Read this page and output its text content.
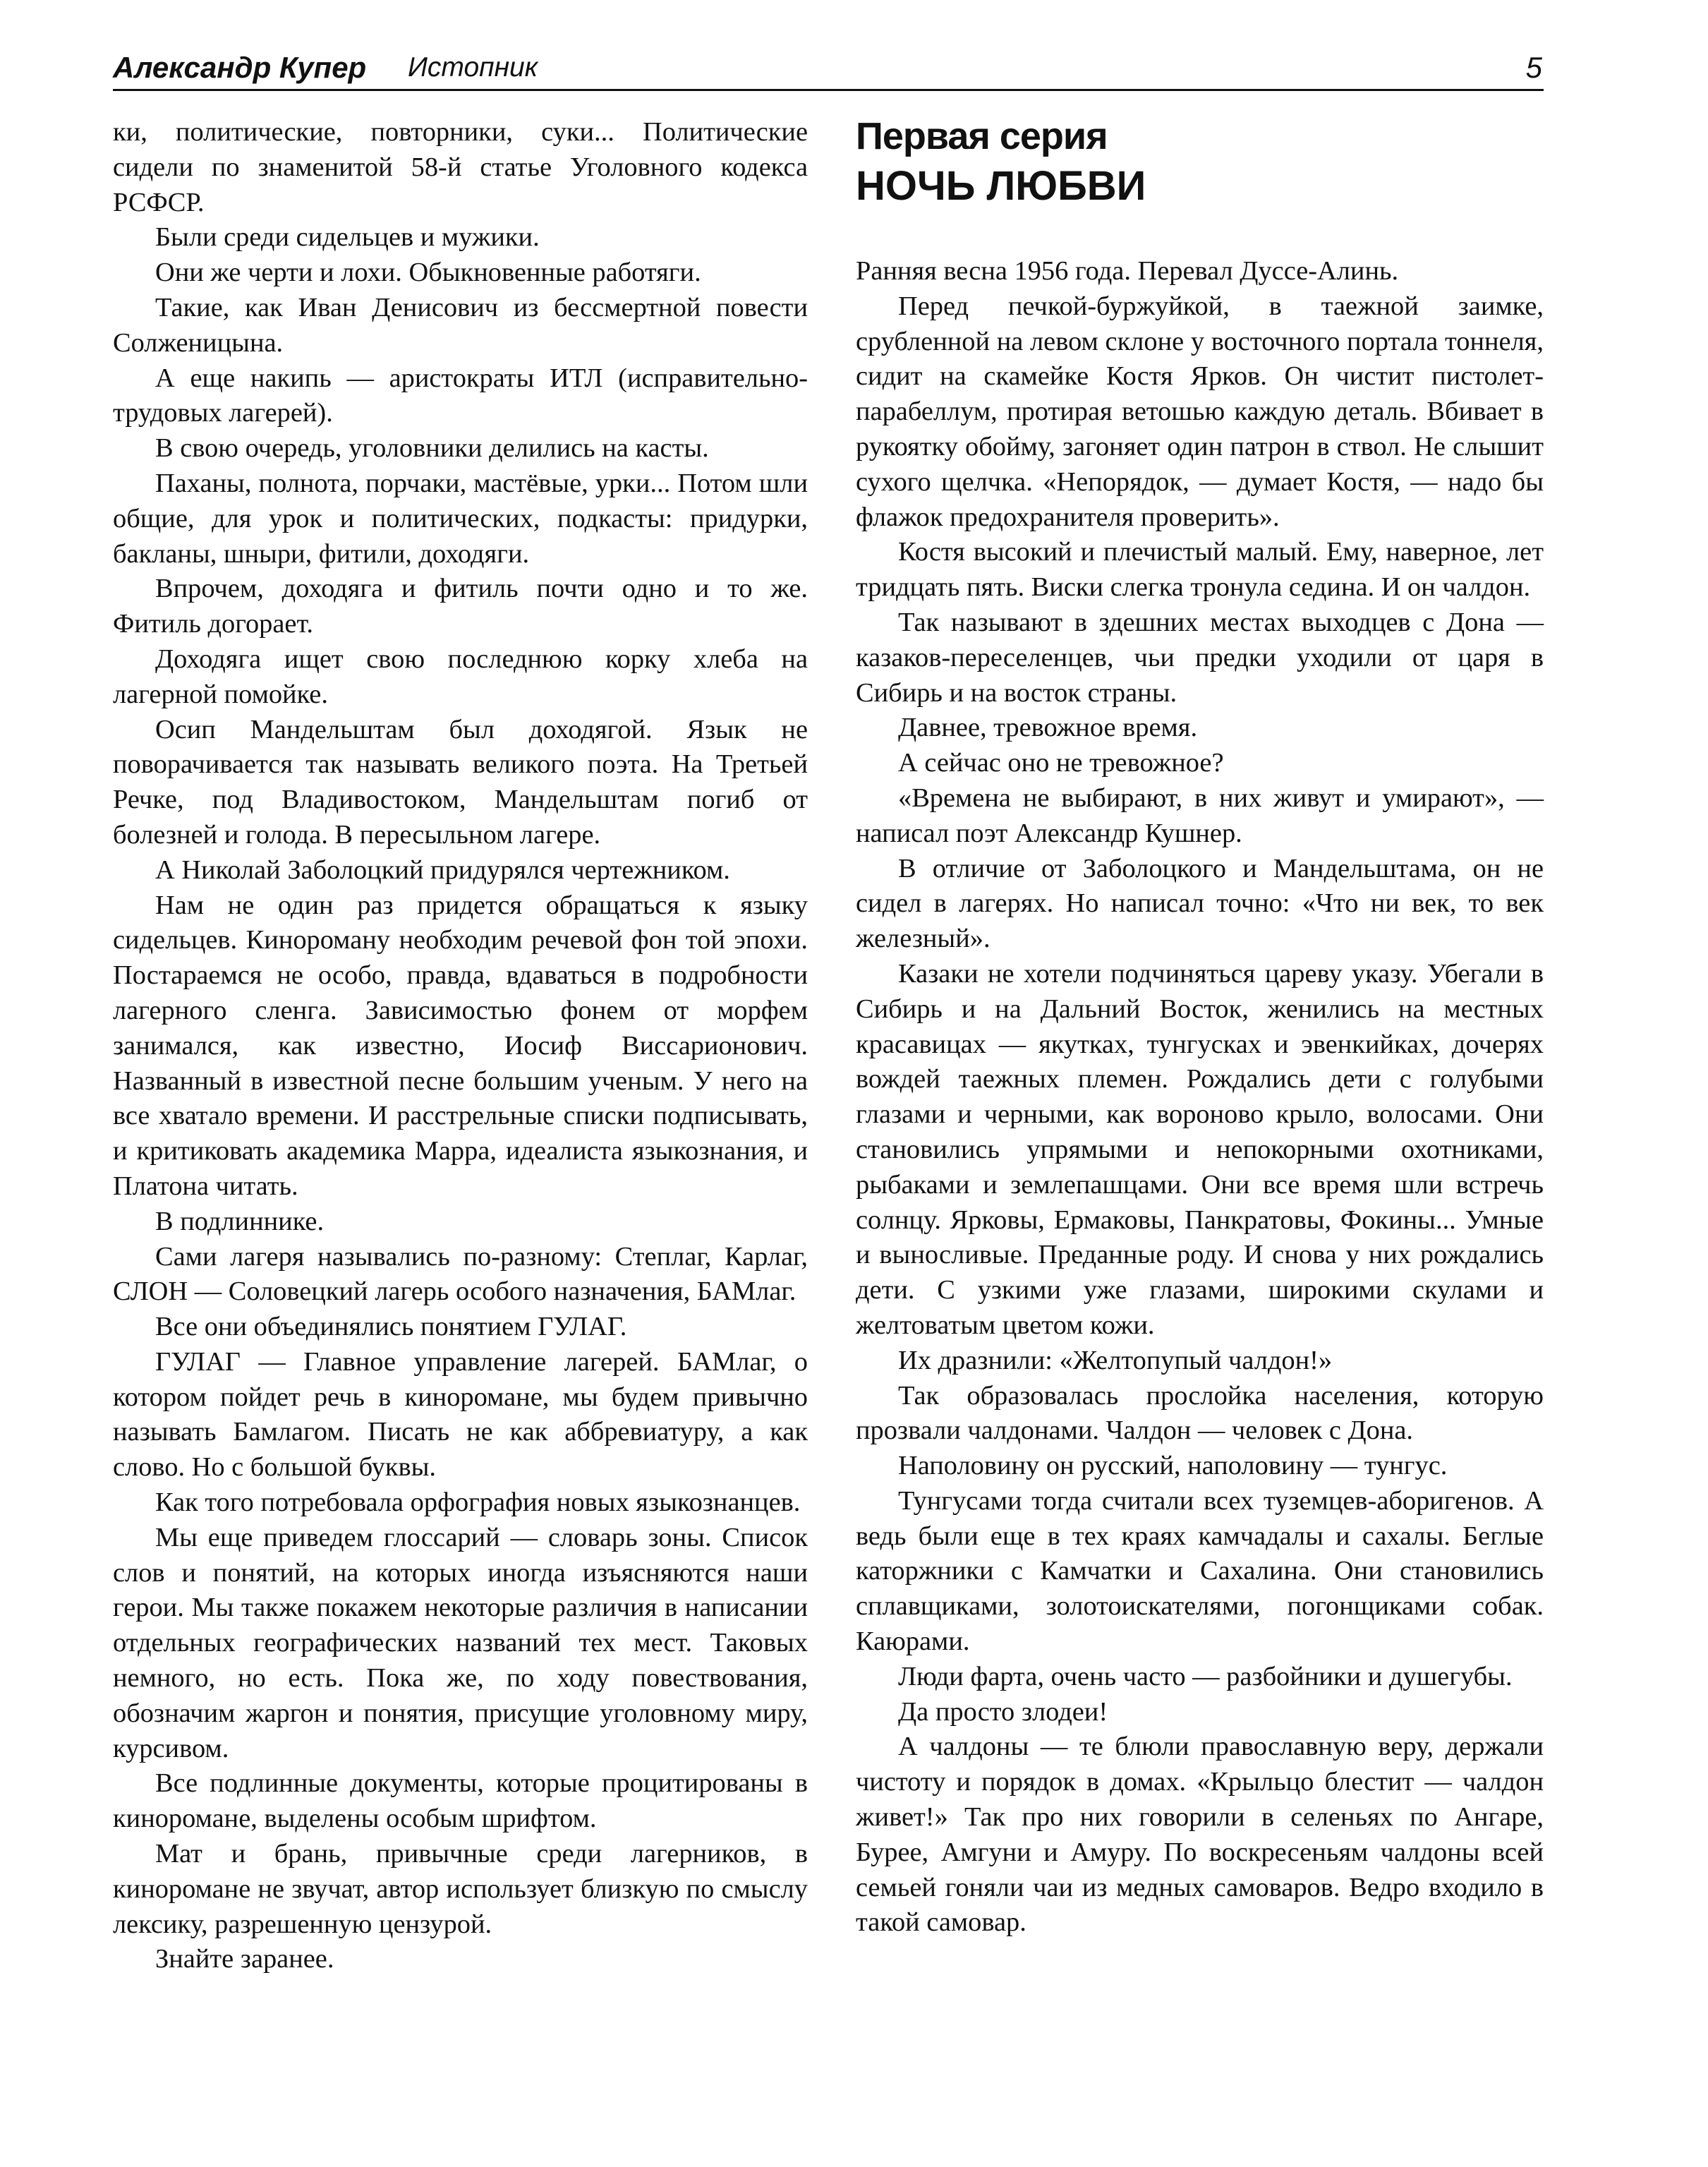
Александр Купер Истопник	5

ки, политические, повторники, суки... Политические сидели по знаменитой 58-й статье Уголовного кодекса РСФСР.

Были среди сидельцев и мужики.

Они же черти и лохи. Обыкновенные работяги.

Такие, как Иван Денисович из бессмертной повести Солженицына.

А еще накипь — аристократы ИТЛ (исправительно-трудовых лагерей).

В свою очередь, уголовники делились на касты.

Паханы, полнота, порчаки, мастёвые, урки... Потом шли общие, для урок и политических, подкасты: придурки, бакланы, шныри, фитили, доходяги.

Впрочем, доходяга и фитиль почти одно и то же. Фитиль догорает.

Доходяга ищет свою последнюю корку хлеба на лагерной помойке.

Осип Мандельштам был доходягой. Язык не поворачивается так называть великого поэта. На Третьей Речке, под Владивостоком, Мандельштам погиб от болезней и голода. В пересыльном лагере.

А Николай Заболоцкий придурялся чертежником.

Нам не один раз придется обращаться к языку сидельцев. Кинороману необходим речевой фон той эпохи. Постараемся не особо, правда, вдаваться в подробности лагерного сленга. Зависимостью фонем от морфем занимался, как известно, Иосиф Виссарионович. Названный в известной песне большим ученым. У него на все хватало времени. И расстрельные списки подписывать, и критиковать академика Марра, идеалиста языкознания, и Платона читать.

В подлиннике.

Сами лагеря назывались по-разному: Степлаг, Карлаг, СЛОН — Соловецкий лагерь особого назначения, БАМлаг.

Все они объединялись понятием ГУЛАГ.

ГУЛАГ — Главное управление лагерей. БАМлаг, о котором пойдет речь в кинороманe, мы будем привычно называть Бамлагом. Писать не как аббревиатуру, а как слово. Но с большой буквы.

Как того потребовала орфография новых языкознанцев.

Мы еще приведем глоссарий — словарь зоны. Список слов и понятий, на которых иногда изъясняются наши герои. Мы также покажем некоторые различия в написании отдельных географических названий тех мест. Таковых немного, но есть. Пока же, по ходу повествования, обозначим жаргон и понятия, присущие уголовному миру, курсивом.

Все подлинные документы, которые процитированы в кинороманe, выделены особым шрифтом.

Мат и брань, привычные среди лагерников, в кинороманe не звучат, автор использует близкую по смыслу лексику, разрешенную цензурой.

Знайте заранее.

Первая серия
НОЧЬ ЛЮБВИ

Ранняя весна 1956 года. Перевал Дуссе-Алинь.

Перед печкой-буржуйкой, в таежной заимке, срубленной на левом склоне у восточного портала тоннеля, сидит на скамейке Костя Ярков. Он чистит пистолет-парабеллум, протирая ветошью каждую деталь. Вбивает в рукоятку обойму, загоняет один патрон в ствол. Не слышит сухого щелчка. «Непорядок, — думает Костя, — надо бы флажок предохранителя проверить».

Костя высокий и плечистый малый. Ему, наверное, лет тридцать пять. Виски слегка тронула седина. И он чалдон.

Так называют в здешних местах выходцев с Дона — казаков-переселенцев, чьи предки уходили от царя в Сибирь и на восток страны.

Давнее, тревожное время.

А сейчас оно не тревожное?

«Времена не выбирают, в них живут и умирают», — написал поэт Александр Кушнер.

В отличие от Заболоцкого и Мандельштама, он не сидел в лагерях. Но написал точно: «Что ни век, то век железный».

Казаки не хотели подчиняться цареву указу. Убегали в Сибирь и на Дальний Восток, женились на местных красавицах — якутках, тунгусках и эвенкийках, дочерях вождей таежных племен. Рождались дети с голубыми глазами и черными, как вороново крыло, волосами. Они становились упрямыми и непокорными охотниками, рыбаками и землепашцами. Они все время шли встречь солнцу. Ярковы, Ермаковы, Панкратовы, Фокины... Умные и выносливые. Преданные роду. И снова у них рождались дети. С узкими уже глазами, широкими скулами и желтоватым цветом кожи.

Их дразнили: «Желтопупый чалдон!»

Так образовалась прослойка населения, которую прозвали чалдонами. Чалдон — человек с Дона.

Наполовину он русский, наполовину — тунгус.

Тунгусами тогда считали всех туземцев-аборигенов. А ведь были еще в тех краях камчадалы и сахалы. Беглые каторжники с Камчатки и Сахалина. Они становились сплавщиками, золотоискателями, погонщиками собак. Каюрами.

Люди фарта, очень часто — разбойники и душегубы.

Да просто злодеи!

А чалдоны — те блюли православную веру, держали чистоту и порядок в домах. «Крыльцо блестит — чалдон живет!» Так про них говорили в селеньях по Ангаре, Бурее, Амгуни и Амуру. По воскресеньям чалдоны всей семьей гоняли чаи из медных самоваров. Ведро входило в такой самовар.
